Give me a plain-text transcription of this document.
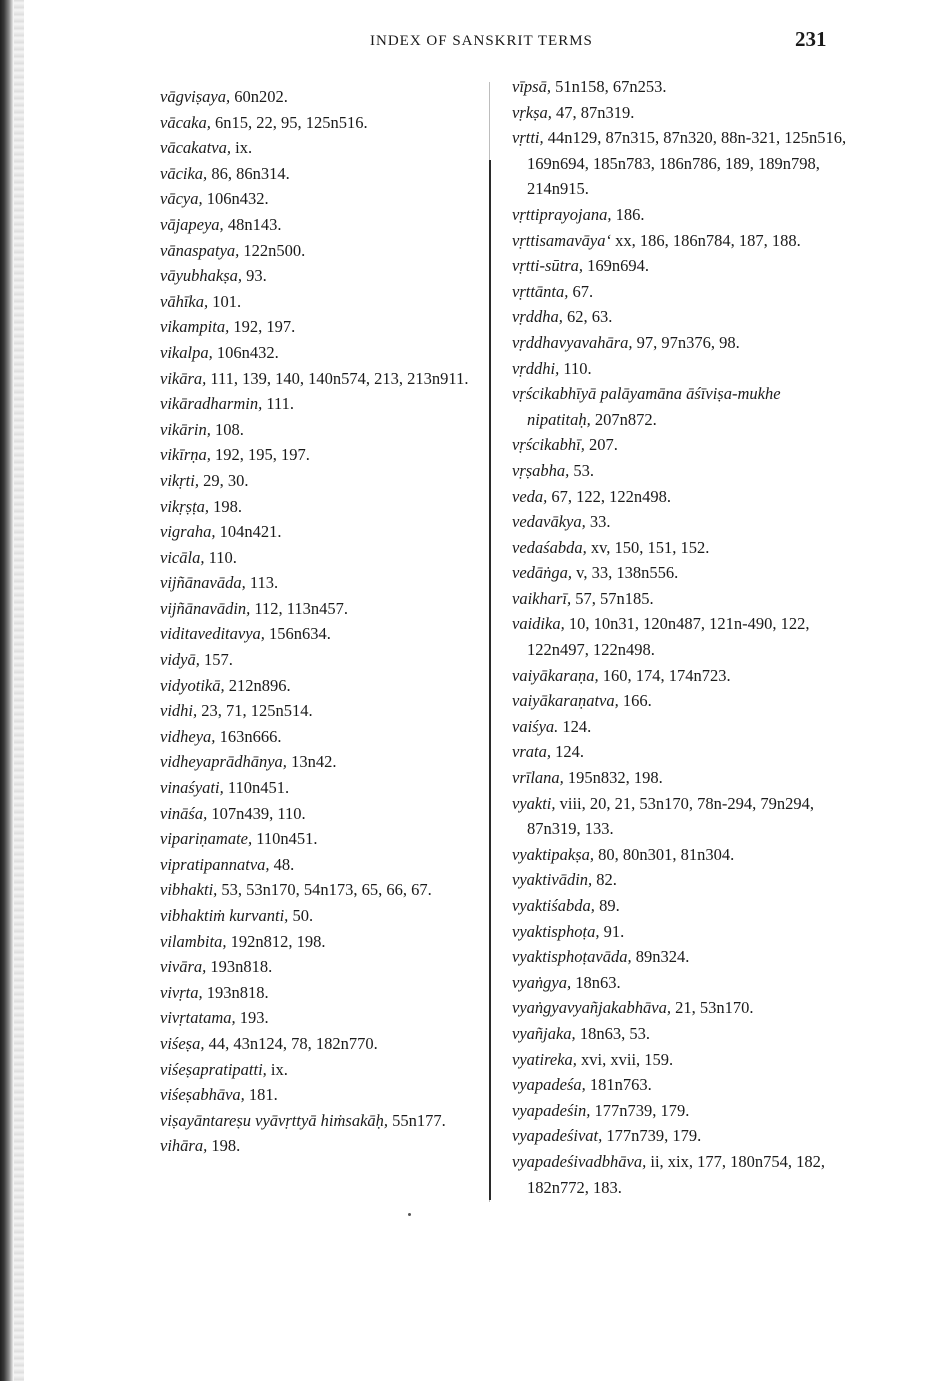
INDEX OF SANSKRIT TERMS	231
vāgviṣaya, 60n202.
vācaka, 6n15, 22, 95, 125n516.
vācakatva, ix.
vācika, 86, 86n314.
vācya, 106n432.
vājapeya, 48n143.
vānaspatya, 122n500.
vāyubhakṣa, 93.
vāhīka, 101.
vikampita, 192, 197.
vikalpa, 106n432.
vikāra, 111, 139, 140, 140n574, 213, 213n911.
vikāradharmin, 111.
vikārin, 108.
vikīrṇa, 192, 195, 197.
vikṛti, 29, 30.
vikṛṣṭa, 198.
vigraha, 104n421.
vicāla, 110.
vijñānavāda, 113.
vijñānavādin, 112, 113n457.
viditaveditavya, 156n634.
vidyā, 157.
vidyotikā, 212n896.
vidhi, 23, 71, 125n514.
vidheya, 163n666.
vidheyaprādhānya, 13n42.
vinaśyati, 110n451.
vināśa, 107n439, 110.
vipariṇamate, 110n451.
vipratipannatva, 48.
vibhakti, 53, 53n170, 54n173, 65, 66, 67.
vibhaktiṁ kurvanti, 50.
vilambita, 192n812, 198.
vivāra, 193n818.
vivṛta, 193n818.
vivṛtatama, 193.
viśeṣa, 44, 43n124, 78, 182n770.
viśeṣapratipatti, ix.
viśeṣabhāva, 181.
viṣayāntareṣu vyāvṛttyā hiṁsakāḥ, 55n177.
vihāra, 198.
vīpsā, 51n158, 67n253.
vṛkṣa, 47, 87n319.
vṛtti, 44n129, 87n315, 87n320, 88n-321, 125n516, 169n694, 185n783, 186n786, 189, 189n798, 214n915.
vṛttiprayojana, 186.
vṛttisamavāya‘ xx, 186, 186n784, 187, 188.
vṛtti-sūtra, 169n694.
vṛttānta, 67.
vṛddha, 62, 63.
vṛddhavyavahāra, 97, 97n376, 98.
vṛddhi, 110.
vṛścikabhīyā palāyamāna āśīviṣa-mukhe nipatitaḥ, 207n872.
vṛścikabhī, 207.
vṛṣabha, 53.
veda, 67, 122, 122n498.
vedavākya, 33.
vedaśabda, xv, 150, 151, 152.
vedāṅga, v, 33, 138n556.
vaikharī, 57, 57n185.
vaidika, 10, 10n31, 120n487, 121n-490, 122, 122n497, 122n498.
vaiyākaraṇa, 160, 174, 174n723.
vaiyākaraṇatva, 166.
vaiśya. 124.
vrata, 124.
vrīlana, 195n832, 198.
vyakti, viii, 20, 21, 53n170, 78n-294, 79n294, 87n319, 133.
vyaktipakṣa, 80, 80n301, 81n304.
vyaktivādin, 82.
vyaktiśabda, 89.
vyaktisphoṭa, 91.
vyaktisphoṭavāda, 89n324.
vyaṅgya, 18n63.
vyaṅgyavyañjakabhāva, 21, 53n170.
vyañjaka, 18n63, 53.
vyatireka, xvi, xvii, 159.
vyapadeśa, 181n763.
vyapadeśin, 177n739, 179.
vyapadeśivat, 177n739, 179.
vyapadeśivadbhāva, ii, xix, 177, 180n754, 182, 182n772, 183.
